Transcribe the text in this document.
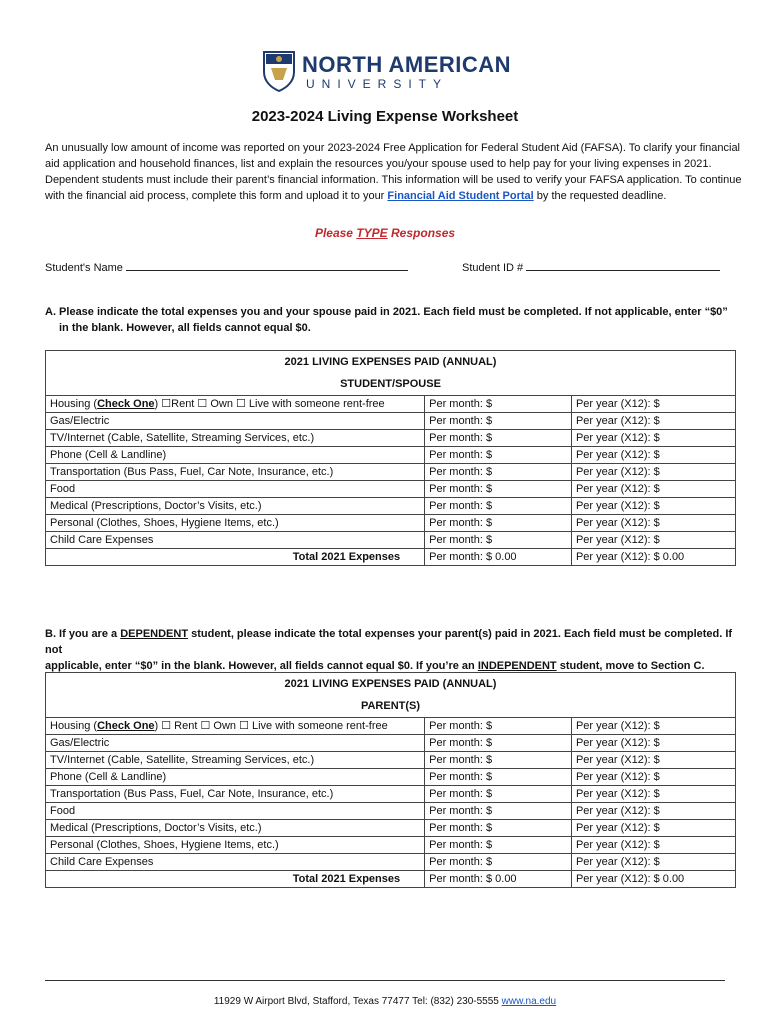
NORTH AMERICAN
UNIVERSITY
2023-2024 Living Expense Worksheet
An unusually low amount of income was reported on your 2023-2024 Free Application for Federal Student Aid (FAFSA). To clarify your financial aid application and household finances, list and explain the resources you/your spouse used to help pay for your living expenses in 2021. Dependent students must include their parent’s financial information. This information will be used to verify your FAFSA application. To continue with the financial aid process, complete this form and upload it to your Financial Aid Student Portal by the requested deadline.
Please TYPE Responses
Student's Name	Student ID #
A. Please indicate the total expenses you and your spouse paid in 2021. Each field must be completed. If not applicable, enter “$0”
in the blank. However, all fields cannot equal $0.
2021 LIVING EXPENSES PAID (ANNUAL)		
STUDENT/SPOUSE		
Housing (Check One) ☐Rent ☐ Own ☐ Live with someone rent-free	Per month: $	Per year (X12): $
Gas/Electric	Per month: $	Per year (X12): $
TV/Internet (Cable, Satellite, Streaming Services, etc.)	Per month: $	Per year (X12): $
Phone (Cell & Landline)	Per month: $	Per year (X12): $
Transportation (Bus Pass, Fuel, Car Note, Insurance, etc.)	Per month: $	Per year (X12): $
Food	Per month: $	Per year (X12): $
Medical (Prescriptions, Doctor’s Visits, etc.)	Per month: $	Per year (X12): $
Personal (Clothes, Shoes, Hygiene Items, etc.)	Per month: $	Per year (X12): $
Child Care Expenses	Per month: $	Per year (X12): $
Total 2021 Expenses	Per month: $ 0.00	Per year (X12): $ 0.00
B. If you are a DEPENDENT student, please indicate the total expenses your parent(s) paid in 2021. Each field must be completed. If not
applicable, enter “$0” in the blank. However, all fields cannot equal $0. If you’re an INDEPENDENT student, move to Section C.
2021 LIVING EXPENSES PAID (ANNUAL)		
PARENT(S)		
Housing (Check One) ☐ Rent ☐ Own ☐ Live with someone rent-free	Per month: $	Per year (X12): $
Gas/Electric	Per month: $	Per year (X12): $
TV/Internet (Cable, Satellite, Streaming Services, etc.)	Per month: $	Per year (X12): $
Phone (Cell & Landline)	Per month: $	Per year (X12): $
Transportation (Bus Pass, Fuel, Car Note, Insurance, etc.)	Per month: $	Per year (X12): $
Food	Per month: $	Per year (X12): $
Medical (Prescriptions, Doctor’s Visits, etc.)	Per month: $	Per year (X12): $
Personal (Clothes, Shoes, Hygiene Items, etc.)	Per month: $	Per year (X12): $
Child Care Expenses	Per month: $	Per year (X12): $
Total 2021 Expenses	Per month: $ 0.00	Per year (X12): $ 0.00
11929 W Airport Blvd, Stafford, Texas 77477 Tel: (832) 230-5555 www.na.edu
